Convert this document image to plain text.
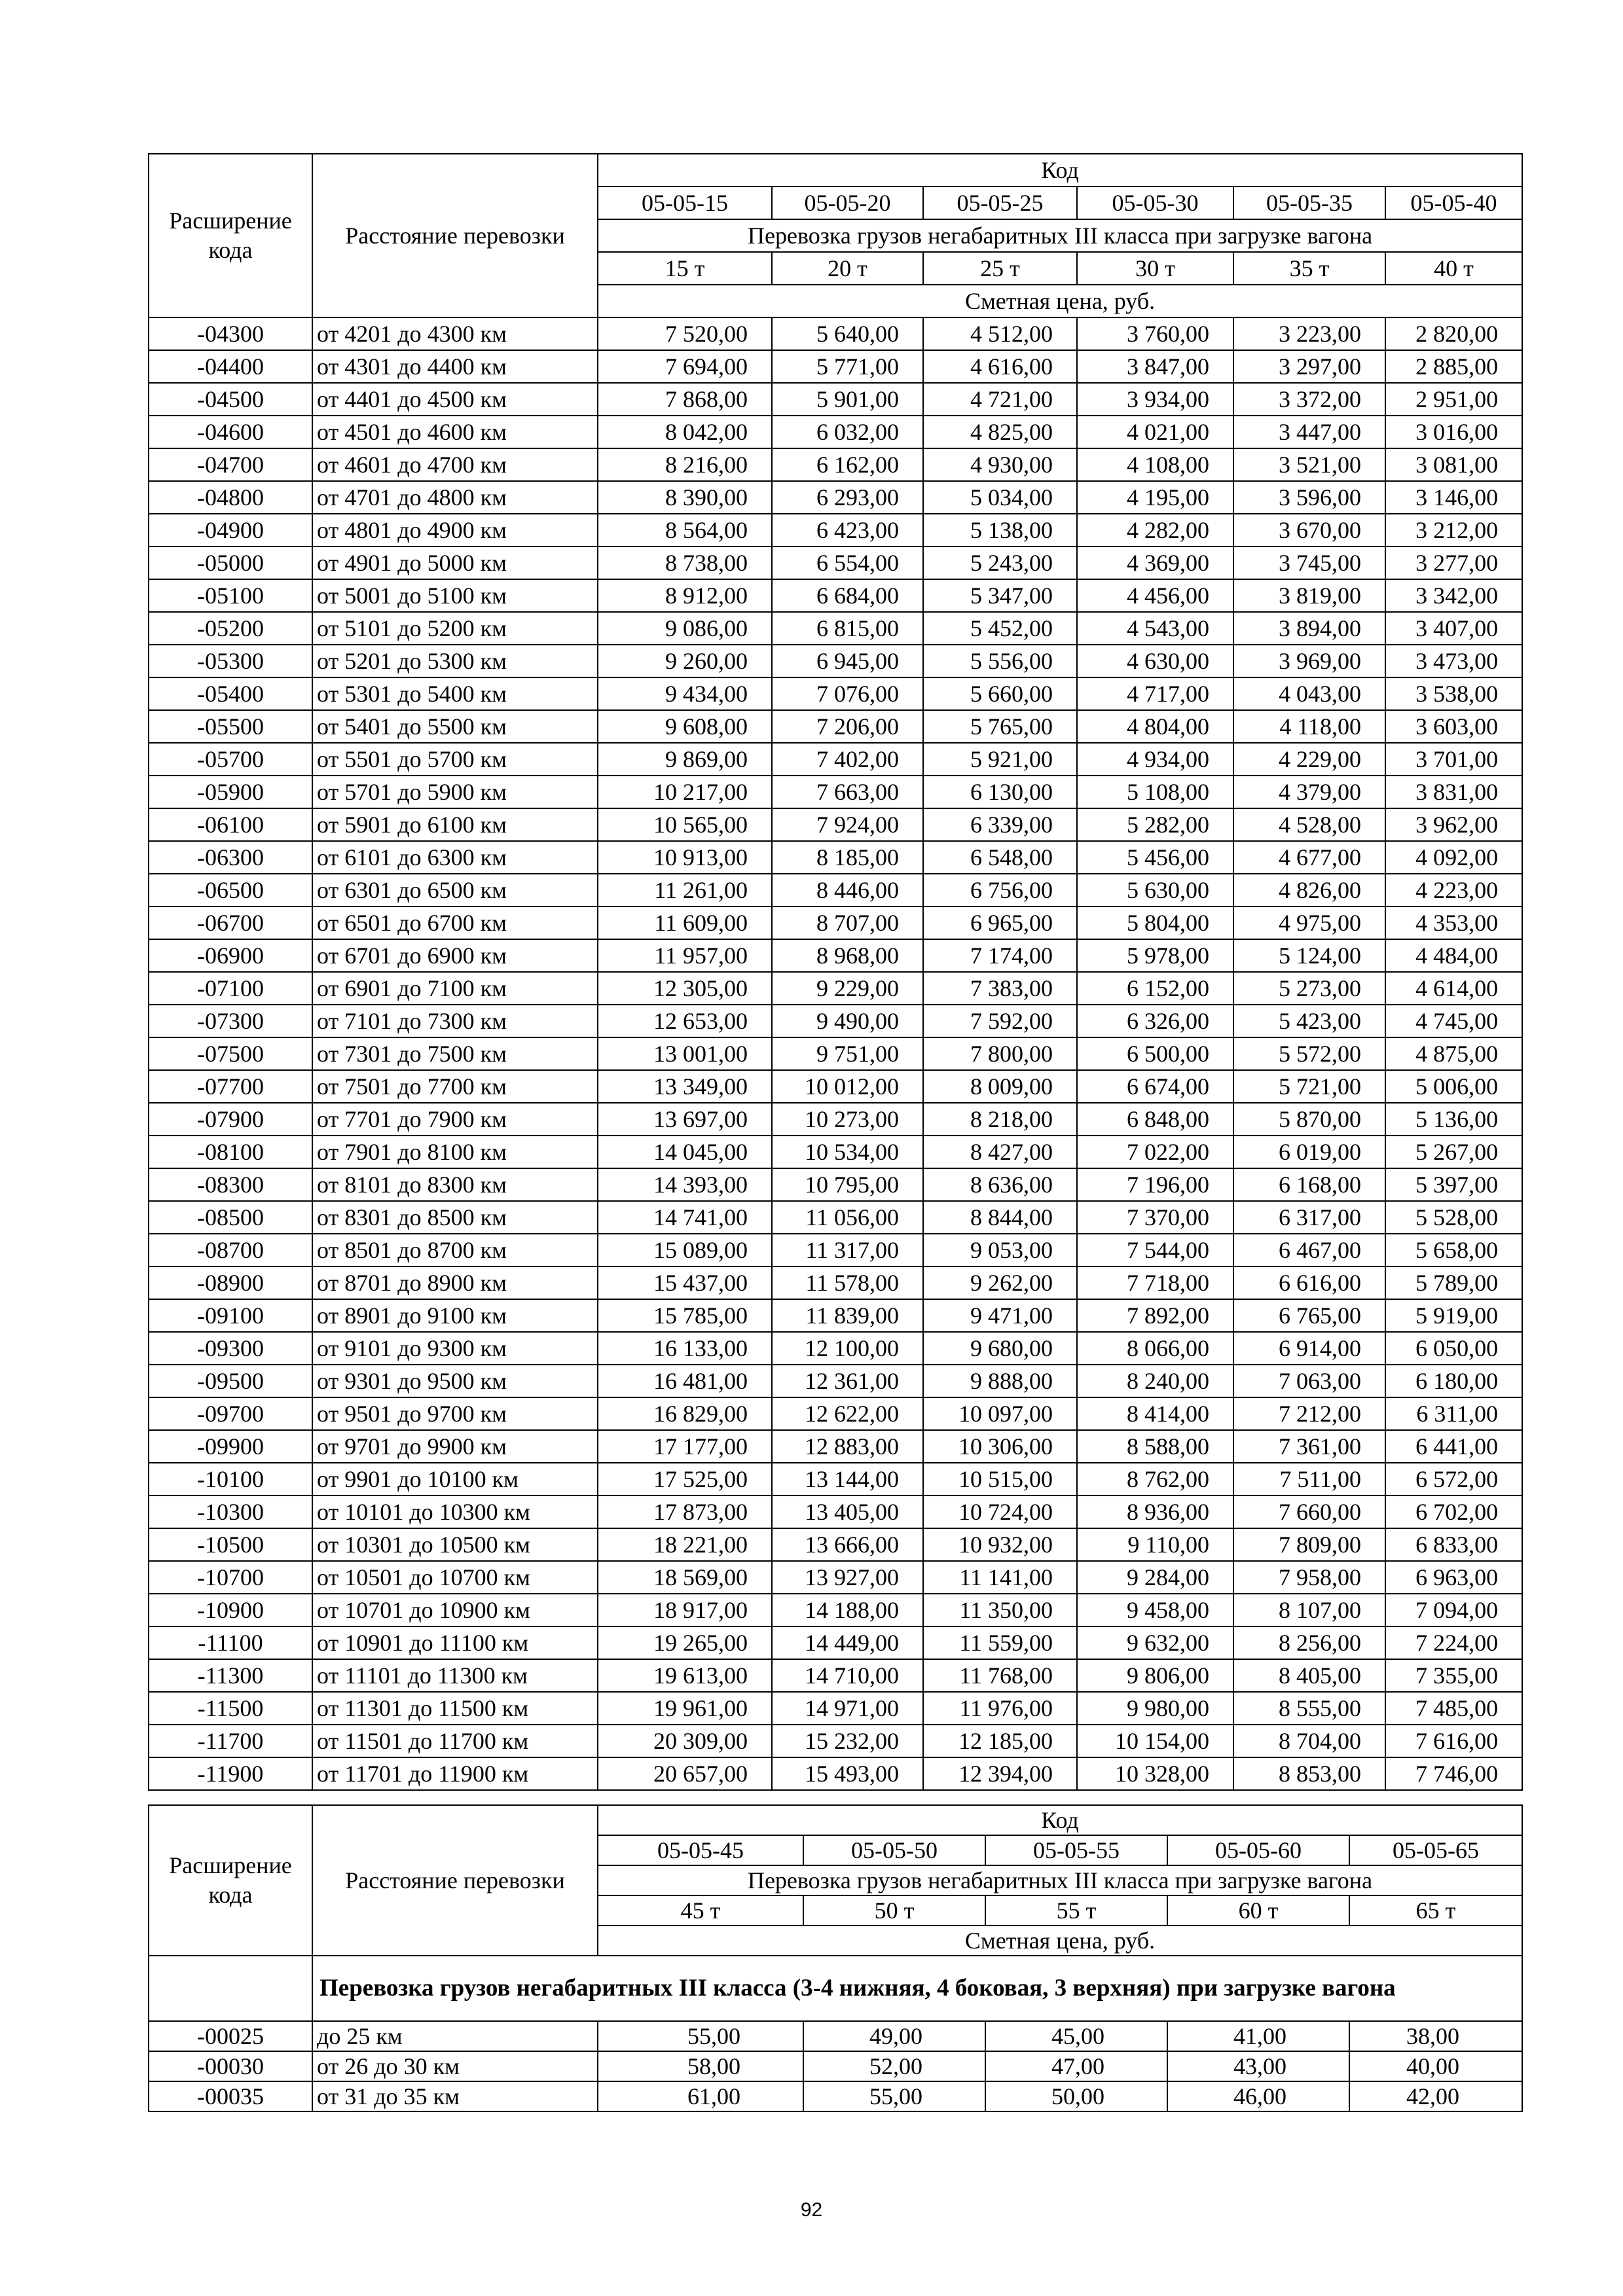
Расширение кода	Расстояние перевозки	Код					
		05-05-15	05-05-20	05-05-25	05-05-30	05-05-35	05-05-40
		Перевозка грузов негабаритных III класса при загрузке вагона					
		15 т	20 т	25 т	30 т	35 т	40 т
		Сметная цена, руб.					
-04300	от 4201 до 4300 км	7 520,00	5 640,00	4 512,00	3 760,00	3 223,00	2 820,00
-04400	от 4301 до 4400 км	7 694,00	5 771,00	4 616,00	3 847,00	3 297,00	2 885,00
-04500	от 4401 до 4500 км	7 868,00	5 901,00	4 721,00	3 934,00	3 372,00	2 951,00
-04600	от 4501 до 4600 км	8 042,00	6 032,00	4 825,00	4 021,00	3 447,00	3 016,00
-04700	от 4601 до 4700 км	8 216,00	6 162,00	4 930,00	4 108,00	3 521,00	3 081,00
-04800	от 4701 до 4800 км	8 390,00	6 293,00	5 034,00	4 195,00	3 596,00	3 146,00
-04900	от 4801 до 4900 км	8 564,00	6 423,00	5 138,00	4 282,00	3 670,00	3 212,00
-05000	от 4901 до 5000 км	8 738,00	6 554,00	5 243,00	4 369,00	3 745,00	3 277,00
-05100	от 5001 до 5100 км	8 912,00	6 684,00	5 347,00	4 456,00	3 819,00	3 342,00
-05200	от 5101 до 5200 км	9 086,00	6 815,00	5 452,00	4 543,00	3 894,00	3 407,00
-05300	от 5201 до 5300 км	9 260,00	6 945,00	5 556,00	4 630,00	3 969,00	3 473,00
-05400	от 5301 до 5400 км	9 434,00	7 076,00	5 660,00	4 717,00	4 043,00	3 538,00
-05500	от 5401 до 5500 км	9 608,00	7 206,00	5 765,00	4 804,00	4 118,00	3 603,00
-05700	от 5501 до 5700 км	9 869,00	7 402,00	5 921,00	4 934,00	4 229,00	3 701,00
-05900	от 5701 до 5900 км	10 217,00	7 663,00	6 130,00	5 108,00	4 379,00	3 831,00
-06100	от 5901 до 6100 км	10 565,00	7 924,00	6 339,00	5 282,00	4 528,00	3 962,00
-06300	от 6101 до 6300 км	10 913,00	8 185,00	6 548,00	5 456,00	4 677,00	4 092,00
-06500	от 6301 до 6500 км	11 261,00	8 446,00	6 756,00	5 630,00	4 826,00	4 223,00
-06700	от 6501 до 6700 км	11 609,00	8 707,00	6 965,00	5 804,00	4 975,00	4 353,00
-06900	от 6701 до 6900 км	11 957,00	8 968,00	7 174,00	5 978,00	5 124,00	4 484,00
-07100	от 6901 до 7100 км	12 305,00	9 229,00	7 383,00	6 152,00	5 273,00	4 614,00
-07300	от 7101 до 7300 км	12 653,00	9 490,00	7 592,00	6 326,00	5 423,00	4 745,00
-07500	от 7301 до 7500 км	13 001,00	9 751,00	7 800,00	6 500,00	5 572,00	4 875,00
-07700	от 7501 до 7700 км	13 349,00	10 012,00	8 009,00	6 674,00	5 721,00	5 006,00
-07900	от 7701 до 7900 км	13 697,00	10 273,00	8 218,00	6 848,00	5 870,00	5 136,00
-08100	от 7901 до 8100 км	14 045,00	10 534,00	8 427,00	7 022,00	6 019,00	5 267,00
-08300	от 8101 до 8300 км	14 393,00	10 795,00	8 636,00	7 196,00	6 168,00	5 397,00
-08500	от 8301 до 8500 км	14 741,00	11 056,00	8 844,00	7 370,00	6 317,00	5 528,00
-08700	от 8501 до 8700 км	15 089,00	11 317,00	9 053,00	7 544,00	6 467,00	5 658,00
-08900	от 8701 до 8900 км	15 437,00	11 578,00	9 262,00	7 718,00	6 616,00	5 789,00
-09100	от 8901 до 9100 км	15 785,00	11 839,00	9 471,00	7 892,00	6 765,00	5 919,00
-09300	от 9101 до 9300 км	16 133,00	12 100,00	9 680,00	8 066,00	6 914,00	6 050,00
-09500	от 9301 до 9500 км	16 481,00	12 361,00	9 888,00	8 240,00	7 063,00	6 180,00
-09700	от 9501 до 9700 км	16 829,00	12 622,00	10 097,00	8 414,00	7 212,00	6 311,00
-09900	от 9701 до 9900 км	17 177,00	12 883,00	10 306,00	8 588,00	7 361,00	6 441,00
-10100	от 9901 до 10100 км	17 525,00	13 144,00	10 515,00	8 762,00	7 511,00	6 572,00
-10300	от 10101 до 10300 км	17 873,00	13 405,00	10 724,00	8 936,00	7 660,00	6 702,00
-10500	от 10301 до 10500 км	18 221,00	13 666,00	10 932,00	9 110,00	7 809,00	6 833,00
-10700	от 10501 до 10700 км	18 569,00	13 927,00	11 141,00	9 284,00	7 958,00	6 963,00
-10900	от 10701 до 10900 км	18 917,00	14 188,00	11 350,00	9 458,00	8 107,00	7 094,00
-11100	от 10901 до 11100 км	19 265,00	14 449,00	11 559,00	9 632,00	8 256,00	7 224,00
-11300	от 11101 до 11300 км	19 613,00	14 710,00	11 768,00	9 806,00	8 405,00	7 355,00
-11500	от 11301 до 11500 км	19 961,00	14 971,00	11 976,00	9 980,00	8 555,00	7 485,00
-11700	от 11501 до 11700 км	20 309,00	15 232,00	12 185,00	10 154,00	8 704,00	7 616,00
-11900	от 11701 до 11900 км	20 657,00	15 493,00	12 394,00	10 328,00	8 853,00	7 746,00
Расширение кода	Расстояние перевозки	Код				
		05-05-45	05-05-50	05-05-55	05-05-60	05-05-65
		Перевозка грузов негабаритных III класса при загрузке вагона				
		45 т	50 т	55 т	60 т	65 т
		Сметная цена, руб.				
	Перевозка грузов негабаритных III класса (3-4 нижняя, 4 боковая, 3 верхняя) при загрузке вагона					
-00025	до 25 км	55,00	49,00	45,00	41,00	38,00
-00030	от 26 до 30 км	58,00	52,00	47,00	43,00	40,00
-00035	от 31 до 35 км	61,00	55,00	50,00	46,00	42,00
92
